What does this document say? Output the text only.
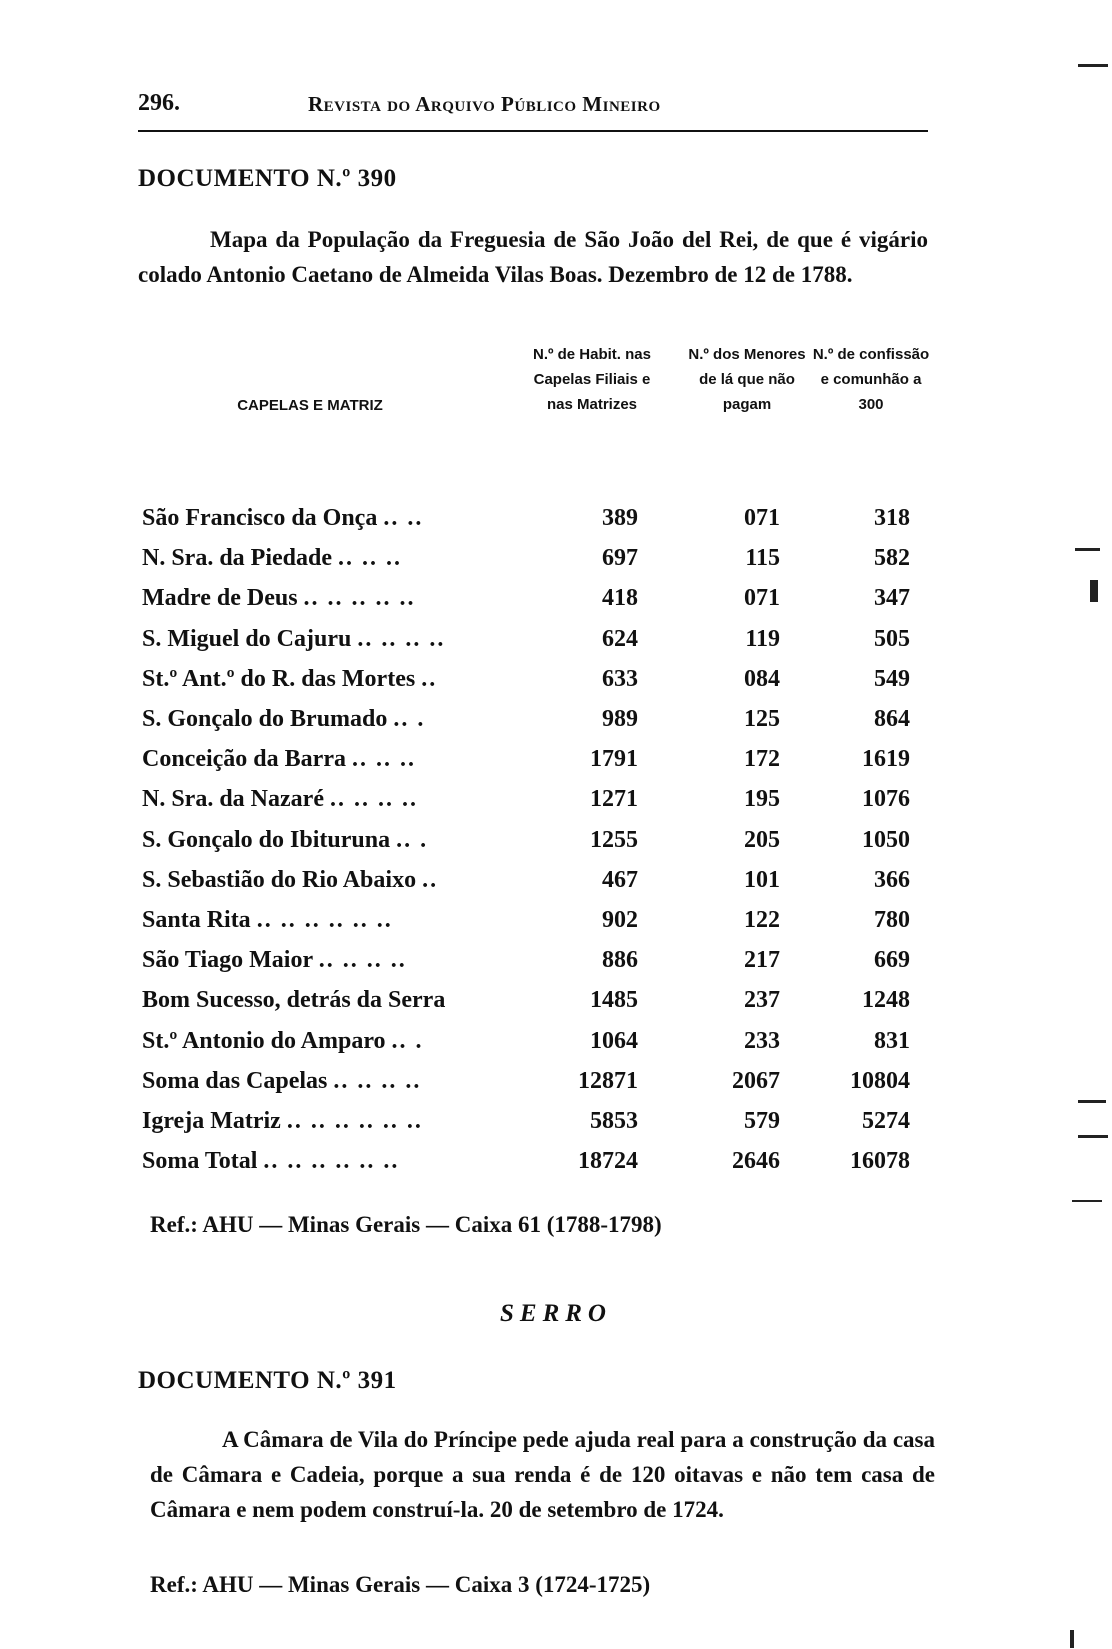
296.	Revista do Arquivo Público Mineiro
DOCUMENTO N.º 390
Mapa da População da Freguesia de São João del Rei, de que é vigário colado Antonio Caetano de Almeida Vilas Boas. Dezembro de 12 de 1788.
CAPELAS E MATRIZ
N.º de Habit. nas Capelas Filiais e nas Matrizes
N.º dos Menores de lá que não pagam
N.º de confissão e comunhão a 300
São Francisco da Onça .. ..	389	071	318
N. Sra. da Piedade .. .. ..	697	115	582
Madre de Deus .. .. .. .. ..	418	071	347
S. Miguel do Cajuru .. .. .. ..	624	119	505
St.º Ant.º do R. das Mortes ..	633	084	549
S. Gonçalo do Brumado .. .	989	125	864
Conceição da Barra .. .. ..	1791	172	1619
N. Sra. da Nazaré .. .. .. ..	1271	195	1076
S. Gonçalo do Ibituruna .. .	1255	205	1050
S. Sebastião do Rio Abaixo ..	467	101	366
Santa Rita .. .. .. .. .. ..	902	122	780
São Tiago Maior .. .. .. ..	886	217	669
Bom Sucesso, detrás da Serra	1485	237	1248
St.º Antonio do Amparo .. .	1064	233	831
Soma das Capelas .. .. .. ..	12871	2067	10804
Igreja Matriz .. .. .. .. .. ..	5853	579	5274
Soma Total .. .. .. .. .. ..	18724	2646	16078
Ref.: AHU — Minas Gerais — Caixa 61 (1788-1798)
SERRO
DOCUMENTO N.º 391
A Câmara de Vila do Príncipe pede ajuda real para a construção da casa de Câmara e Cadeia, porque a sua renda é de 120 oitavas e não tem casa de Câmara e nem podem construí-la. 20 de setembro de 1724.
Ref.: AHU — Minas Gerais — Caixa 3 (1724-1725)
